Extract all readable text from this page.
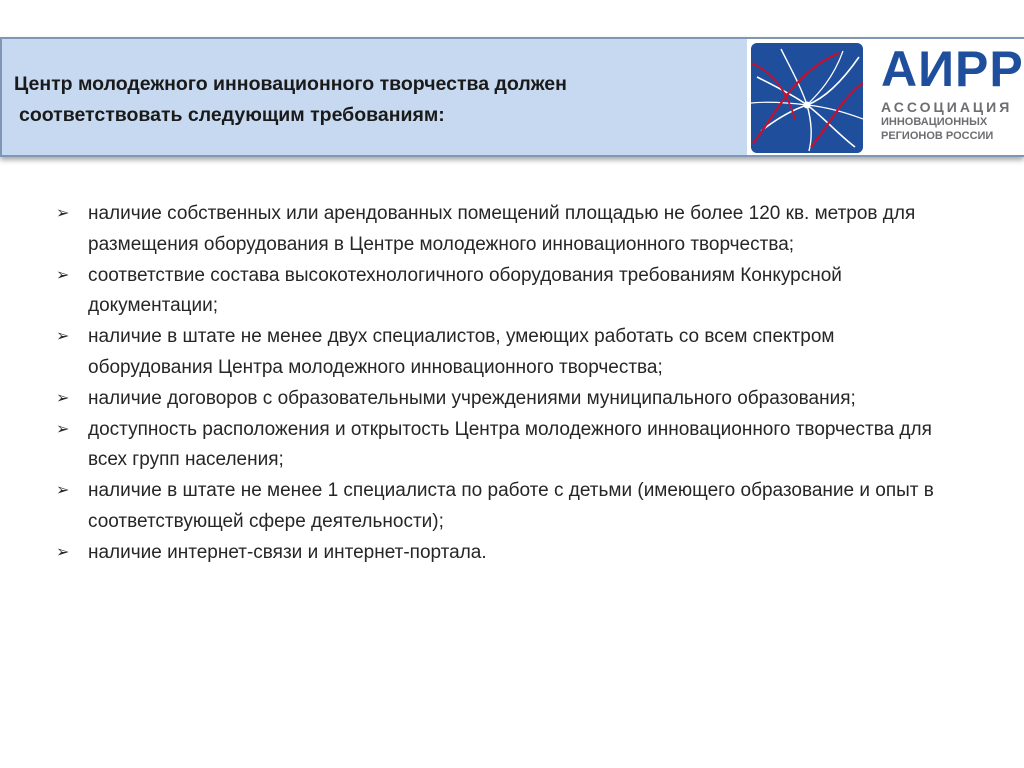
Центр молодежного инновационного творчества должен
соответствовать следующим требованиям:
АИРР
АССОЦИАЦИЯ
ИННОВАЦИОННЫХ
РЕГИОНОВ РОССИИ
➢ наличие собственных или арендованных помещений площадью не более 120 кв. метров для размещения оборудования в Центре молодежного инновационного творчества;
➢ соответствие состава высокотехнологичного оборудования требованиям Конкурсной документации;
➢ наличие в штате не менее двух специалистов, умеющих работать со всем спектром оборудования Центра молодежного инновационного творчества;
➢ наличие договоров с образовательными учреждениями муниципального образования;
➢ доступность расположения и открытость Центра молодежного инновационного творчества для всех групп населения;
➢ наличие в штате не менее 1 специалиста по работе с детьми (имеющего образование и опыт в соответствующей сфере деятельности);
➢ наличие интернет-связи и интернет-портала.
